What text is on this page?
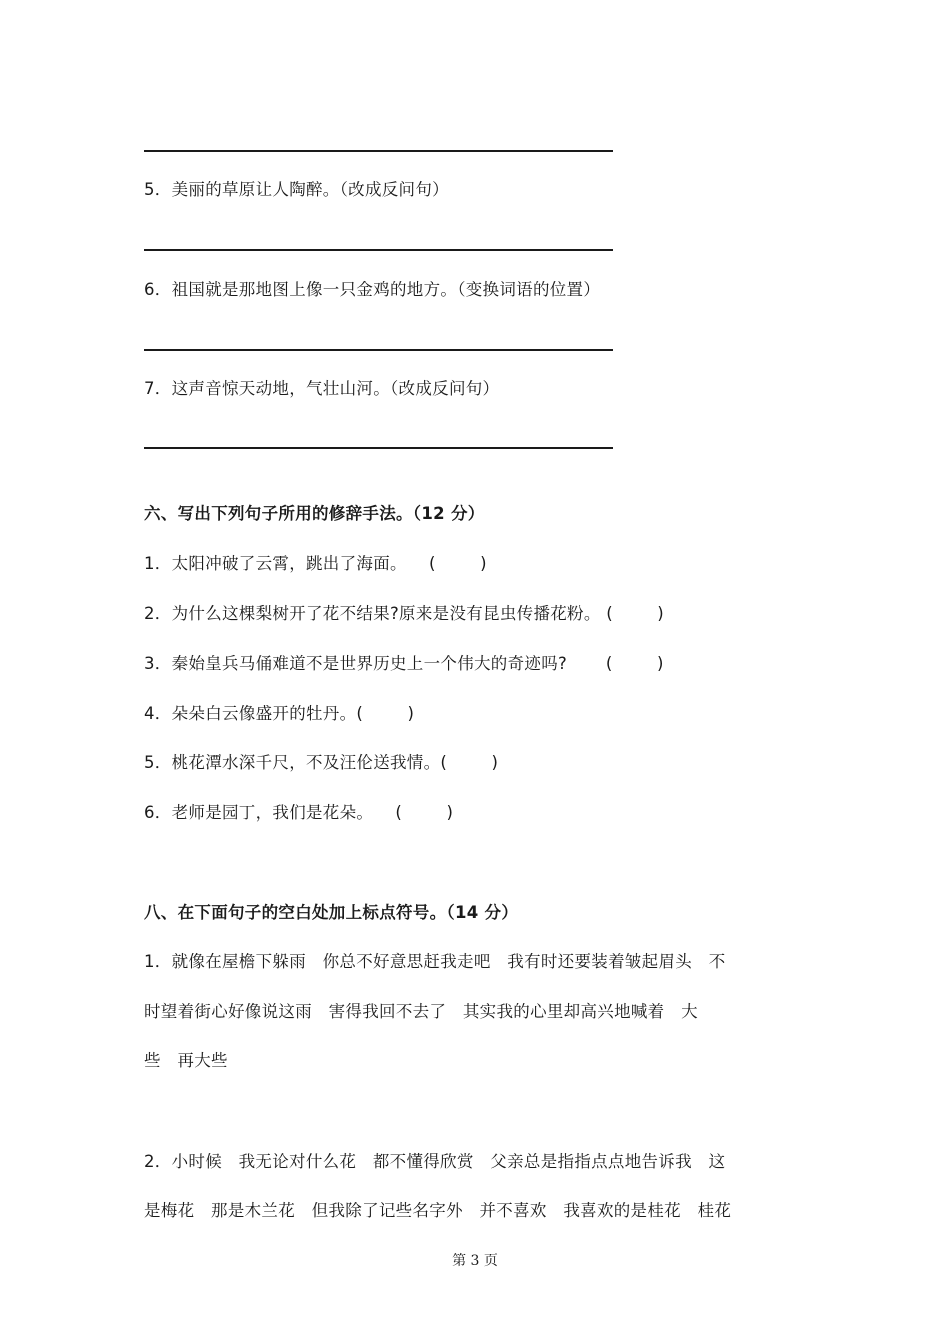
5．美丽的草原让人陶醉。（改成反问句）
6．祖国就是那地图上像一只金鸡的地方。（变换词语的位置）
7．这声音惊天动地，气壮山河。（改成反问句）
六、写出下列句子所用的修辞手法。（12 分）
1．太阳冲破了云霄，跳出了海面。    (        )
2．为什么这棵梨树开了花不结果?原来是没有昆虫传播花粉。 (        )
3．秦始皇兵马俑难道不是世界历史上一个伟大的奇迹吗?       (        )
4．朵朵白云像盛开的牡丹。(        )
5．桃花潭水深千尺，不及汪伦送我情。(        )
6．老师是园丁，我们是花朵。    (        )
八、在下面句子的空白处加上标点符号。（14 分）
1．就像在屋檐下躲雨   你总不好意思赶我走吧   我有时还要装着皱起眉头   不
时望着街心好像说这雨   害得我回不去了   其实我的心里却高兴地喊着   大
些   再大些
2．小时候   我无论对什么花   都不懂得欣赏   父亲总是指指点点地告诉我   这
是梅花   那是木兰花   但我除了记些名字外   并不喜欢   我喜欢的是桂花   桂花
第 3 页
